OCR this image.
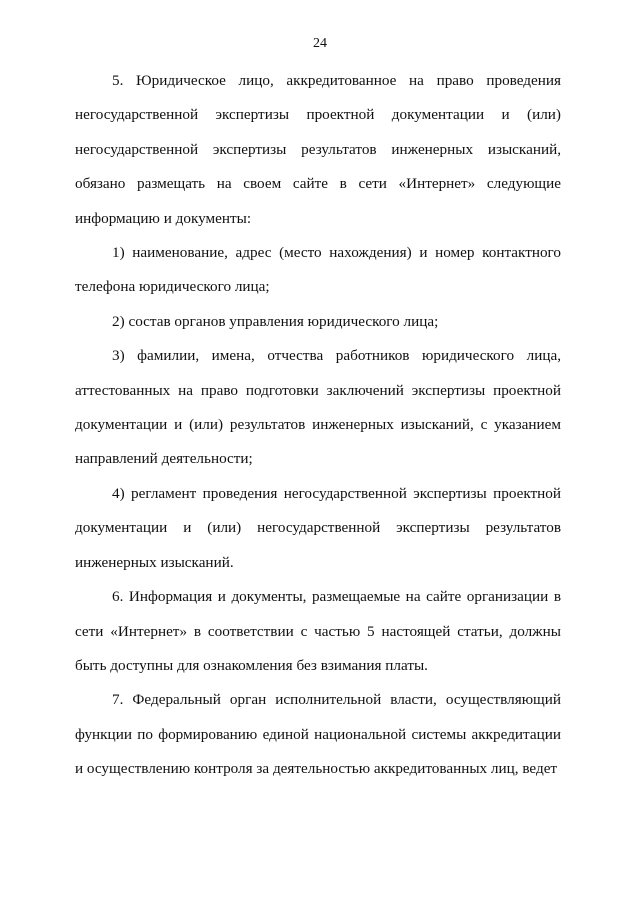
24

5. Юридическое лицо, аккредитованное на право проведения негосударственной экспертизы проектной документации и (или) негосударственной экспертизы результатов инженерных изысканий, обязано размещать на своем сайте в сети «Интернет» следующие информацию и документы:

1) наименование, адрес (место нахождения) и номер контактного телефона юридического лица;

2) состав органов управления юридического лица;

3) фамилии, имена, отчества работников юридического лица, аттестованных на право подготовки заключений экспертизы проектной документации и (или) результатов инженерных изысканий, с указанием направлений деятельности;

4) регламент проведения негосударственной экспертизы проектной документации и (или) негосударственной экспертизы результатов инженерных изысканий.

6. Информация и документы, размещаемые на сайте организации в сети «Интернет» в соответствии с частью 5 настоящей статьи, должны быть доступны для ознакомления без взимания платы.

7. Федеральный орган исполнительной власти, осуществляющий функции по формированию единой национальной системы аккредитации и осуществлению контроля за деятельностью аккредитованных лиц, ведет
